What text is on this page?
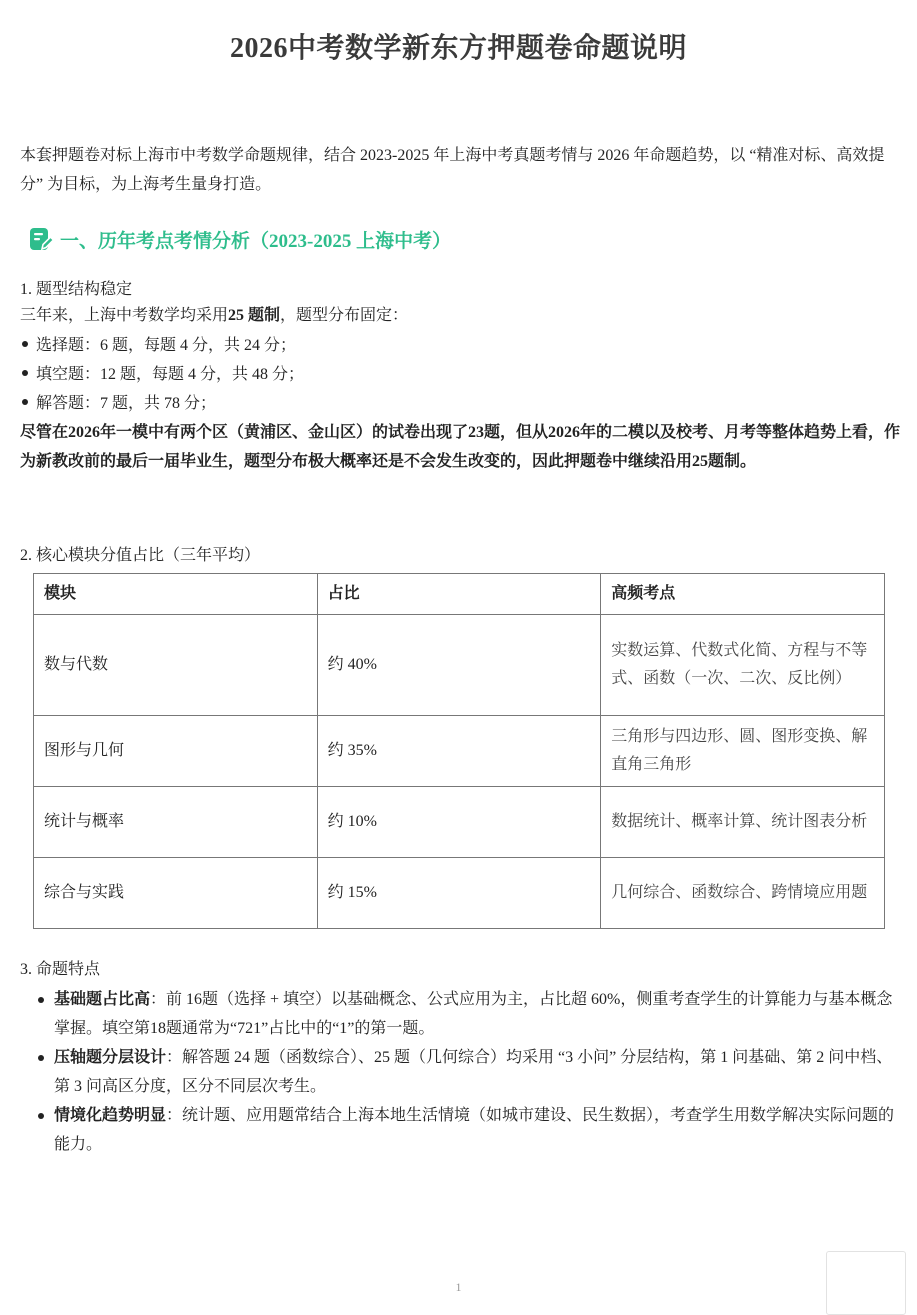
2026中考数学新东方押题卷命题说明
本套押题卷对标上海市中考数学命题规律，结合 2023-2025 年上海中考真题考情与 2026 年命题趋势，以 “精准对标、高效提分” 为目标，为上海考生量身打造。
一、历年考点考情分析（2023-2025 上海中考）
1. 题型结构稳定
三年来，上海中考数学均采用25 题制，题型分布固定：
选择题：6 题，每题 4 分，共 24 分；
填空题：12 题，每题 4 分，共 48 分；
解答题：7 题，共 78 分；
尽管在2026年一模中有两个区（黄浦区、金山区）的试卷出现了23题，但从2026年的二模以及校考、月考等整体趋势上看，作为新教改前的最后一届毕业生，题型分布极大概率还是不会发生改变的，因此押题卷中继续沿用25题制。
2. 核心模块分值占比（三年平均）
模块	占比	高频考点
数与代数	约 40%	实数运算、代数式化简、方程与不等式、函数（一次、二次、反比例）
图形与几何	约 35%	三角形与四边形、圆、图形变换、解直角三角形
统计与概率	约 10%	数据统计、概率计算、统计图表分析
综合与实践	约 15%	几何综合、函数综合、跨情境应用题
3. 命题特点
基础题占比高：前 16题（选择 + 填空）以基础概念、公式应用为主，占比超 60%，侧重考查学生的计算能力与基本概念掌握。填空第18题通常为“721”占比中的“1”的第一题。
压轴题分层设计：解答题 24 题（函数综合）、25 题（几何综合）均采用 “3 小问” 分层结构，第 1 问基础、第 2 问中档、第 3 问高区分度，区分不同层次考生。
情境化趋势明显：统计题、应用题常结合上海本地生活情境（如城市建设、民生数据），考查学生用数学解决实际问题的能力。
1
